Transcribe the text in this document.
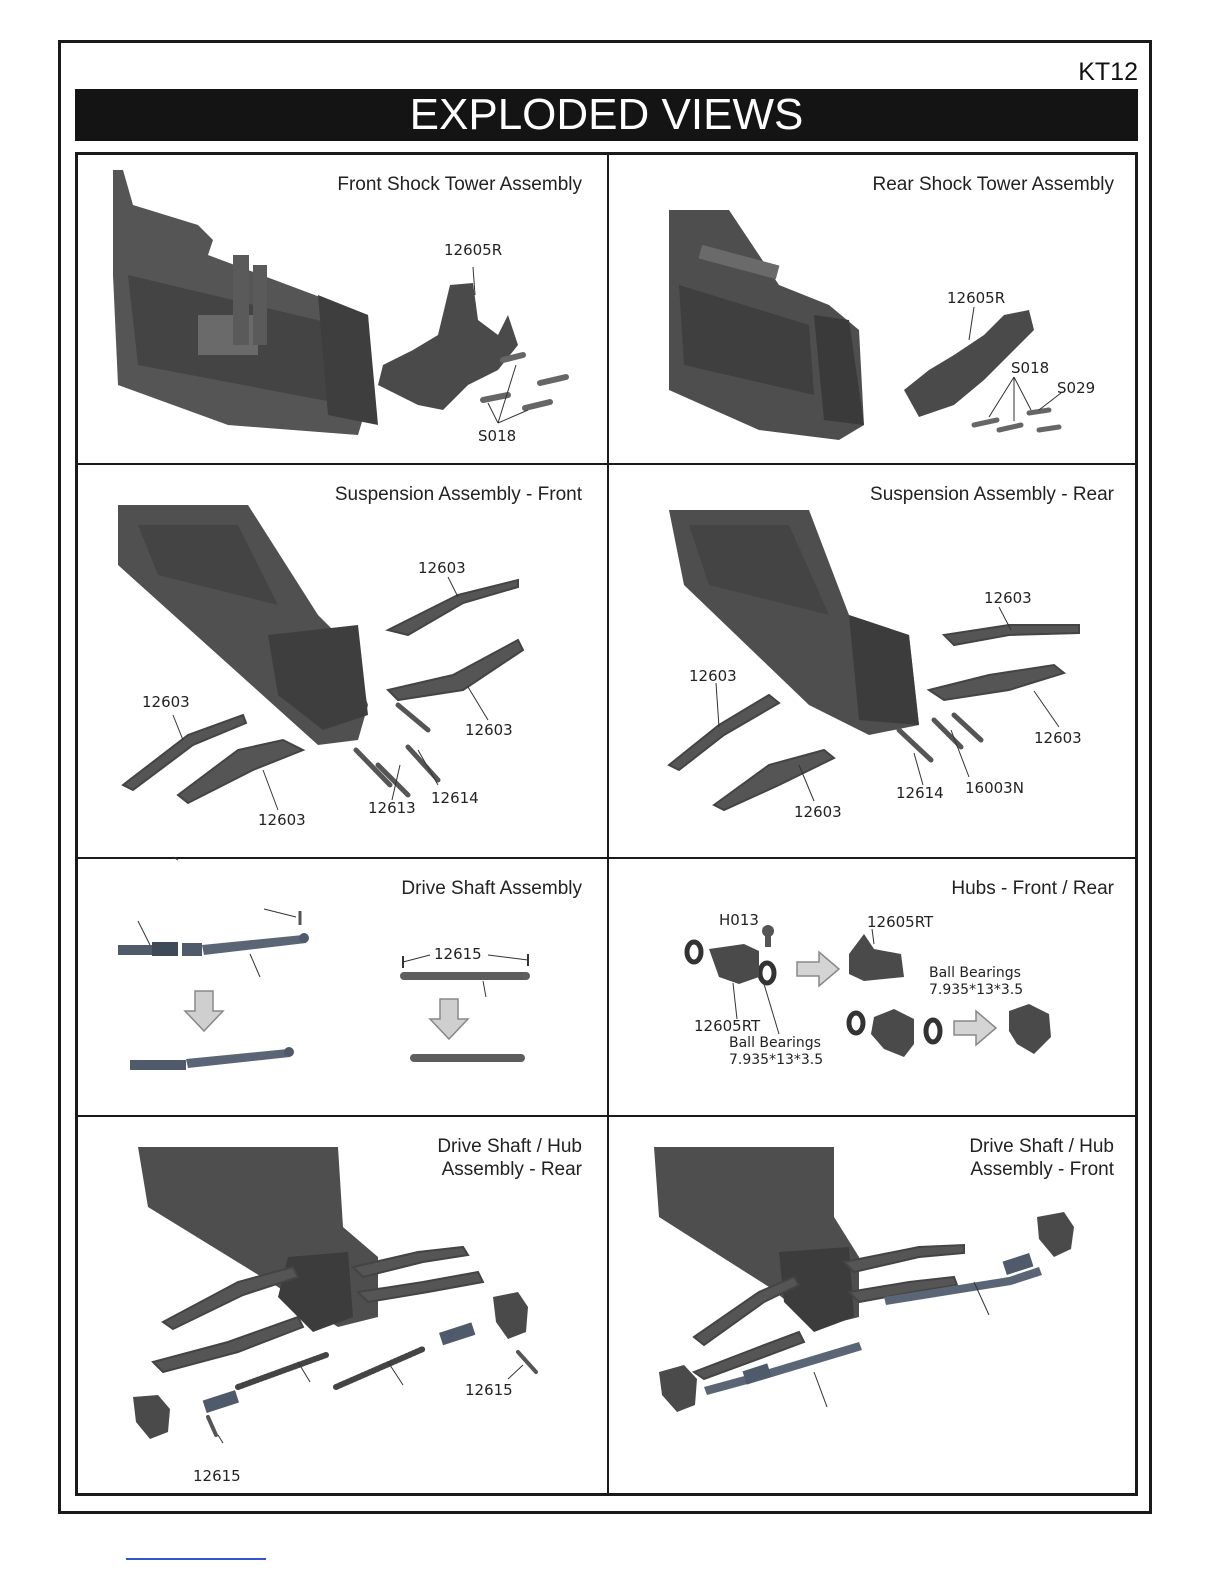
KT12
EXPLODED VIEWS
Front Shock Tower Assembly
12605R
S018
Rear Shock Tower Assembly
12605R
S018
S029
Suspension Assembly - Front
12603
12603
12603
12603
12613
12614
Suspension Assembly - Rear
12603
12603
12603
12603
12614 16003N
Drive Shaft Assembly
12615
Hubs - Front / Rear
H013	12605RT
12605RT
Ball Bearings
7.935*13*3.5
Ball Bearings
7.935*13*3.5
Drive Shaft / Hub
Assembly - Rear
12615
12615
Drive Shaft / Hub
Assembly - Front
